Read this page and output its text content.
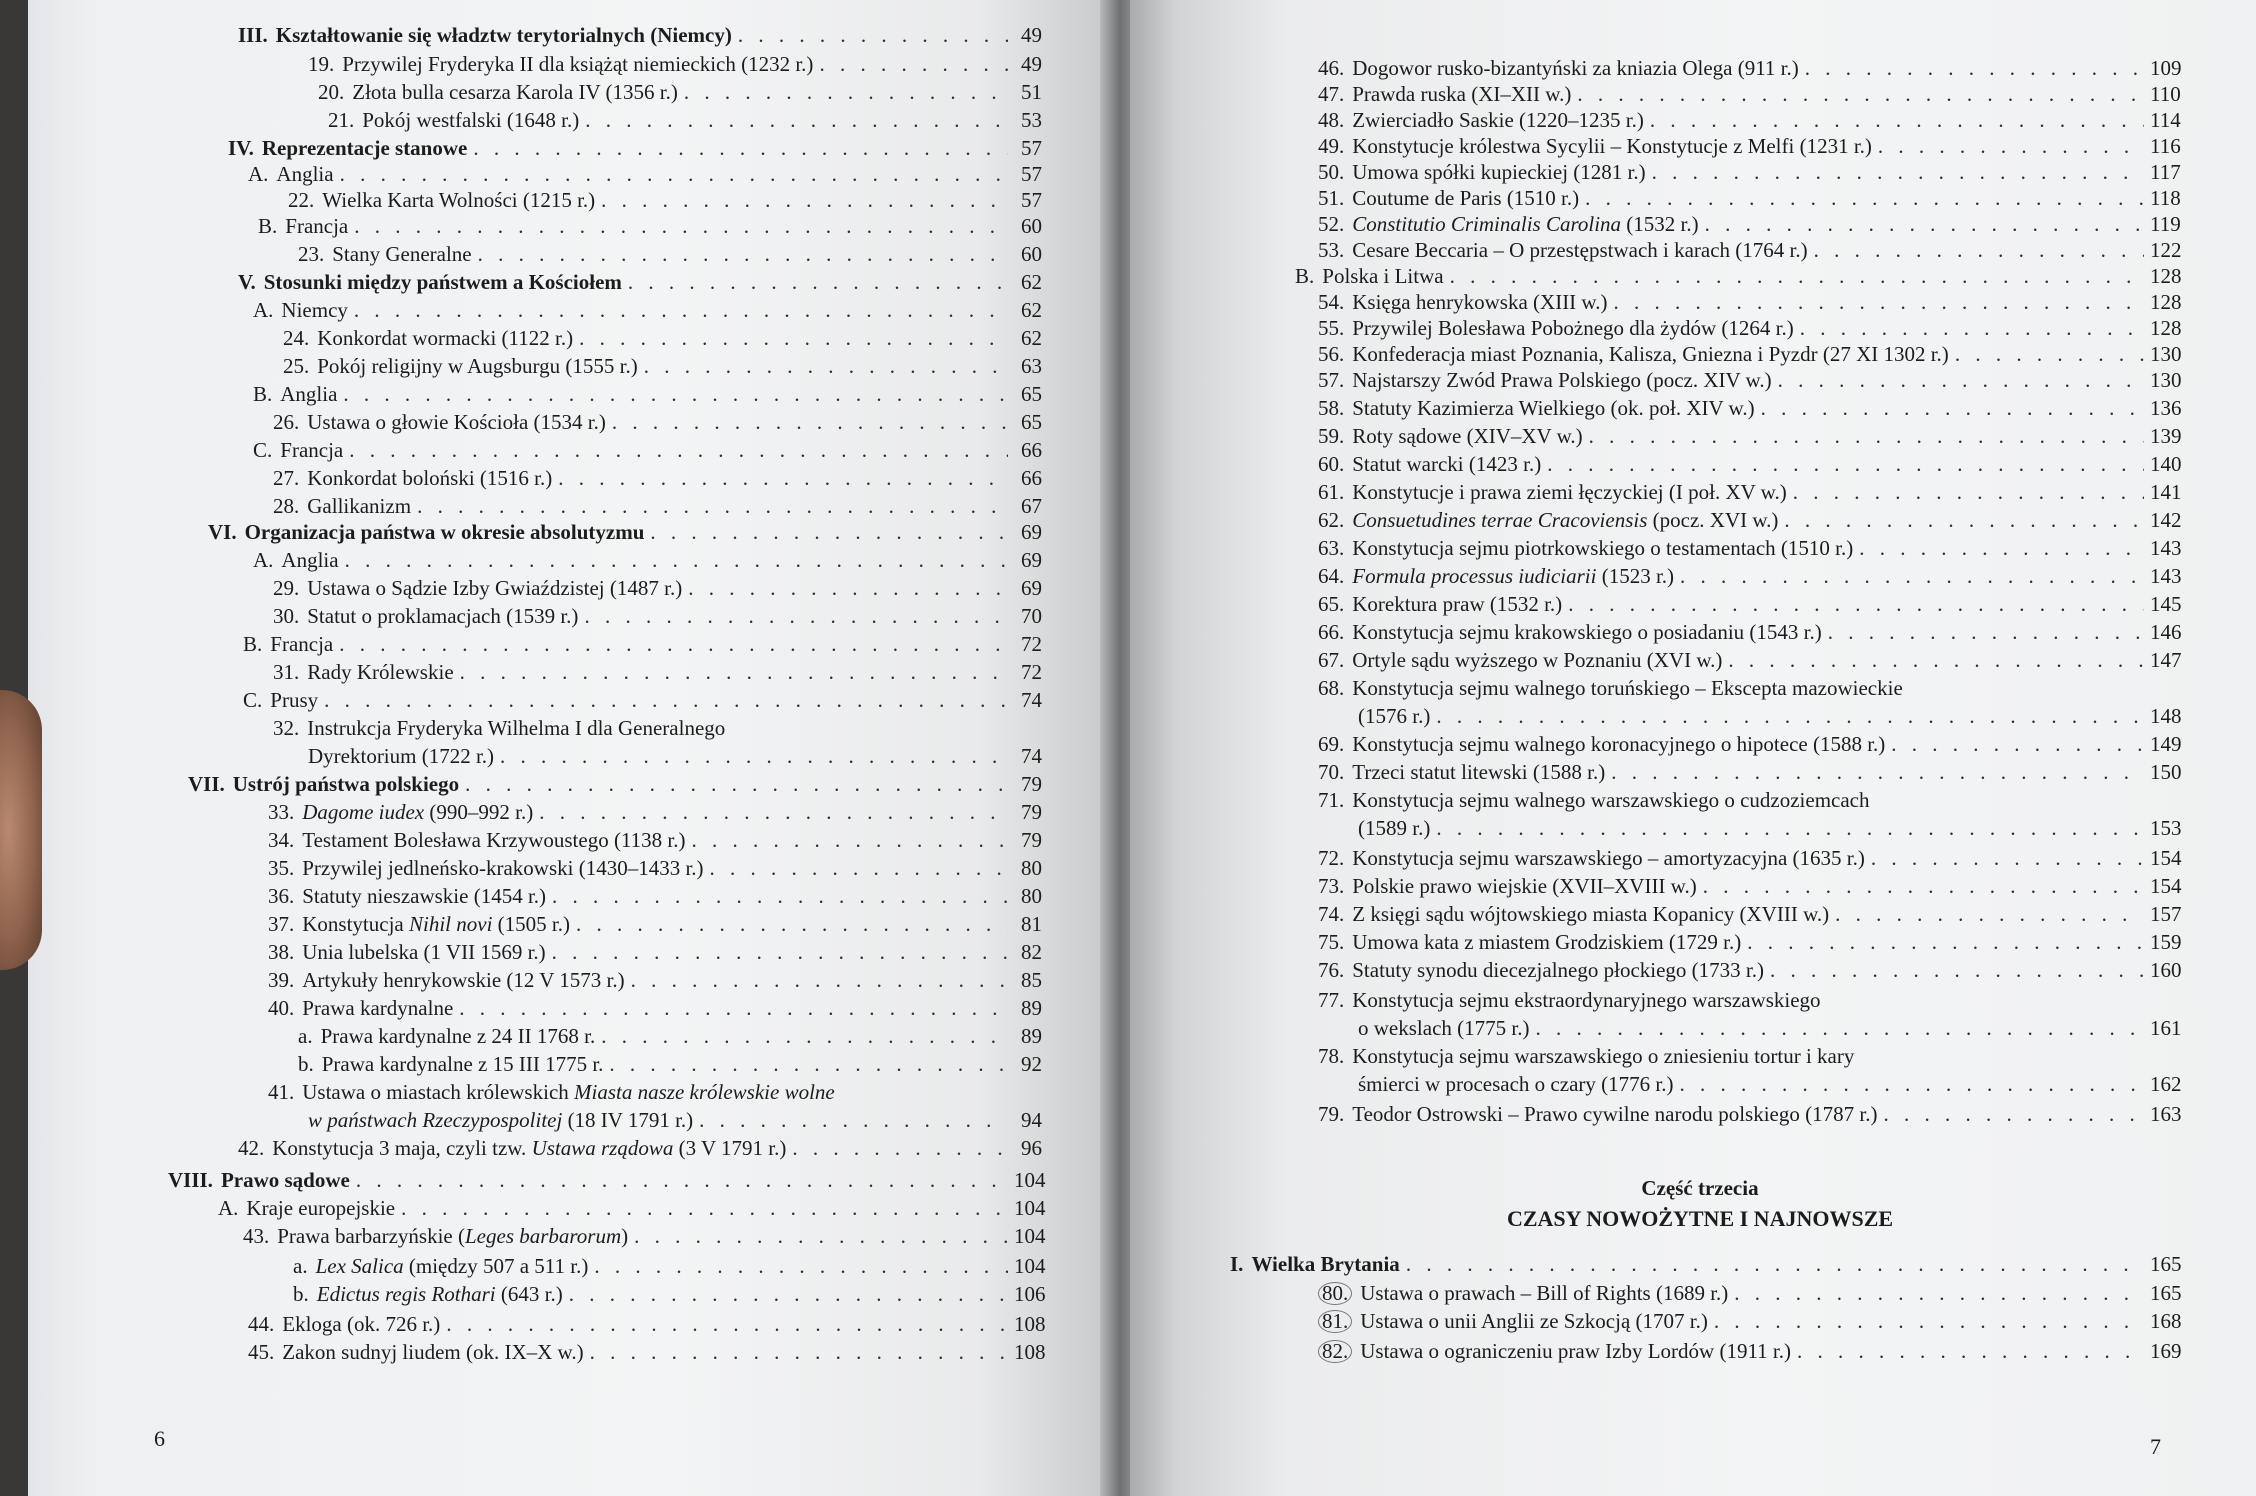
6
III. Kształtowanie się władztw terytorialnych (Niemcy) . . .	49
19. Przywilej Fryderyka II dla książąt niemieckich (1232 r.) . . .	49
20. Złota bulla cesarza Karola IV (1356 r.) . . .	51
21. Pokój westfalski (1648 r.) . . .	53
IV. Reprezentacje stanowe . . .	57
A. Anglia . . .	57
22. Wielka Karta Wolności (1215 r.) . . .	57
B. Francja . . .	60
23. Stany Generalne . . .	60
V. Stosunki między państwem a Kościołem . . .	62
A. Niemcy . . .	62
24. Konkordat wormacki (1122 r.) . . .	62
25. Pokój religijny w Augsburgu (1555 r.) . . .	63
B. Anglia . . .	65
26. Ustawa o głowie Kościoła (1534 r.) . . .	65
C. Francja . . .	66
27. Konkordat boloński (1516 r.) . . .	66
28. Gallikanizm . . .	67
VI. Organizacja państwa w okresie absolutyzmu . . .	69
A. Anglia . . .	69
29. Ustawa o Sądzie Izby Gwiaździstej (1487 r.) . . .	69
30. Statut o proklamacjach (1539 r.) . . .	70
B. Francja . . .	72
31. Rady Królewskie . . .	72
C. Prusy . . .	74
32. Instrukcja Fryderyka Wilhelma I dla Generalnego
Dyrektorium (1722 r.) . . .	74
VII. Ustrój państwa polskiego . . .	79
33. Dagome iudex (990–992 r.) . . .	79
34. Testament Bolesława Krzywoustego (1138 r.) . . .	79
35. Przywilej jedlneńsko-krakowski (1430–1433 r.) . . .	80
36. Statuty nieszawskie (1454 r.) . . .	80
37. Konstytucja Nihil novi (1505 r.) . . .	81
38. Unia lubelska (1 VII 1569 r.) . . .	82
39. Artykuły henrykowskie (12 V 1573 r.) . . .	85
40. Prawa kardynalne . . .	89
a. Prawa kardynalne z 24 II 1768 r. . . .	89
b. Prawa kardynalne z 15 III 1775 r. . . .	92
41. Ustawa o miastach królewskich Miasta nasze królewskie wolne
w państwach Rzeczypospolitej (18 IV 1791 r.) . . .	94
42. Konstytucja 3 maja, czyli tzw. Ustawa rządowa (3 V 1791 r.) . . .	96
VIII. Prawo sądowe . . .	104
A. Kraje europejskie . . .	104
43. Prawa barbarzyńskie ( Leges barbarorum ) . . .	104
a. Lex Salica (między 507 a 511 r.) . . .	104
b. Edictus regis Rothari (643 r.) . . .	106
44. Ekloga (ok. 726 r.) . . .	108
45. Zakon sudnyj liudem (ok. IX–X w.) . . .	108
Część trzecia
CZASY NOWOŻYTNE I NAJNOWSZE
7
46. Dogowor rusko-bizantyński za kniazia Olega (911 r.) . . .	109
47. Prawda ruska (XI–XII w.) . . .	110
48. Zwierciadło Saskie (1220–1235 r.) . . .	114
49. Konstytucje królestwa Sycylii – Konstytucje z Melfi (1231 r.) . . .	116
50. Umowa spółki kupieckiej (1281 r.) . . .	117
51. Coutume de Paris (1510 r.) . . .	118
52. Constitutio Criminalis Carolina (1532 r.) . . .	119
53. Cesare Beccaria – O przestępstwach i karach (1764 r.) . . .	122
B. Polska i Litwa . . .	128
54. Księga henrykowska (XIII w.) . . .	128
55. Przywilej Bolesława Pobożnego dla żydów (1264 r.) . . .	128
56. Konfederacja miast Poznania, Kalisza, Gniezna i Pyzdr (27 XI 1302 r.) . . .	130
57. Najstarszy Zwód Prawa Polskiego (pocz. XIV w.) . . .	130
58. Statuty Kazimierza Wielkiego (ok. poł. XIV w.) . . .	136
59. Roty sądowe (XIV–XV w.) . . .	139
60. Statut warcki (1423 r.) . . .	140
61. Konstytucje i prawa ziemi łęczyckiej (I poł. XV w.) . . .	141
62. Consuetudines terrae Cracoviensis (pocz. XVI w.) . . .	142
63. Konstytucja sejmu piotrkowskiego o testamentach (1510 r.) . . .	143
64. Formula processus iudiciarii (1523 r.) . . .	143
65. Korektura praw (1532 r.) . . .	145
66. Konstytucja sejmu krakowskiego o posiadaniu (1543 r.) . . .	146
67. Ortyle sądu wyższego w Poznaniu (XVI w.) . . .	147
68. Konstytucja sejmu walnego toruńskiego – Ekscepta mazowieckie
(1576 r.) . . .	148
69. Konstytucja sejmu walnego koronacyjnego o hipotece (1588 r.) . . .	149
70. Trzeci statut litewski (1588 r.) . . .	150
71. Konstytucja sejmu walnego warszawskiego o cudzoziemcach
(1589 r.) . . .	153
72. Konstytucja sejmu warszawskiego – amortyzacyjna (1635 r.) . . .	154
73. Polskie prawo wiejskie (XVII–XVIII w.) . . .	154
74. Z księgi sądu wójtowskiego miasta Kopanicy (XVIII w.) . . .	157
75. Umowa kata z miastem Grodziskiem (1729 r.) . . .	159
76. Statuty synodu diecezjalnego płockiego (1733 r.) . . .	160
77. Konstytucja sejmu ekstraordynaryjnego warszawskiego
o wekslach (1775 r.) . . .	161
78. Konstytucja sejmu warszawskiego o zniesieniu tortur i kary
śmierci w procesach o czary (1776 r.) . . .	162
79. Teodor Ostrowski – Prawo cywilne narodu polskiego (1787 r.) . . .	163
I. Wielka Brytania . . .	165
80. Ustawa o prawach – Bill of Rights (1689 r.) . . .	165
81. Ustawa o unii Anglii ze Szkocją (1707 r.) . . .	168
82. Ustawa o ograniczeniu praw Izby Lordów (1911 r.) . . .	169
